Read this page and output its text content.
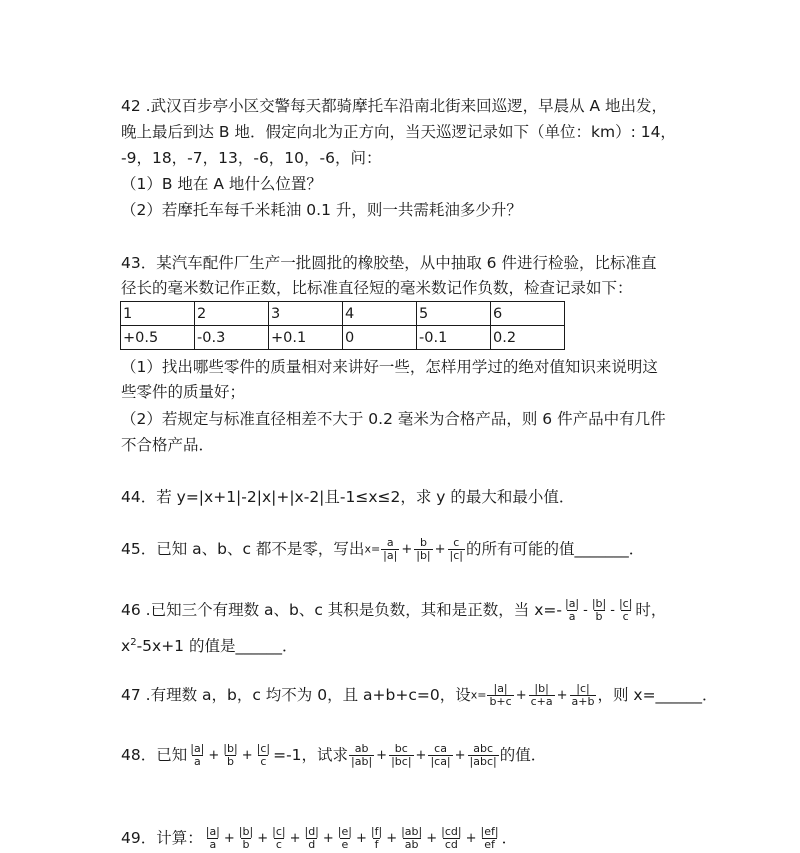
42 .武汉百步亭小区交警每天都骑摩托车沿南北街来回巡逻，早晨从 A 地出发，
晚上最后到达 B 地．假定向北为正方向，当天巡逻记录如下（单位：km）: 14，
-9，18，-7，13，-6，10，-6，问：
（1）B 地在 A 地什么位置？
（2）若摩托车每千米耗油 0.1 升，则一共需耗油多少升？
43．某汽车配件厂生产一批圆批的橡胶垫，从中抽取 6 件进行检验，比标准直
径长的毫米数记作正数，比标准直径短的毫米数记作负数，检查记录如下：
1	2	3	4	5	6
+0.5	-0.3	+0.1	0	-0.1	0.2
（1）找出哪些零件的质量相对来讲好一些，怎样用学过的绝对值知识来说明这
些零件的质量好；
（2）若规定与标准直径相差不大于 0.2 毫米为合格产品，则 6 件产品中有几件
不合格产品．
44．若 y=|x+1|-2|x|+|x-2|且-1≤x≤2，求 y 的最大和最小值．
45．已知 a、b、c 都不是零，写出$x= \frac{a}{|a|} + \frac{b}{|b|} + \frac{c}{|c|}$ 的所有可能的值_______．
46 .已知三个有理数 a、b、c 其积是负数，其和是正数，当 $x=- \frac{|a|}{a} - \frac{|b|}{b} - \frac{|c|}{c}$ 时，
$x^2-5x+1$ 的值是______．
47 .有理数 a，b，c 均不为 0，且 a+b+c=0，设$x= \frac{|a|}{b+c} + \frac{|b|}{c+a} + \frac{|c|}{a+b}$ ，则 x=______．
48．已知 $\frac{|a|}{a} + \frac{|b|}{b} + \frac{|c|}{c} =-1$，试求 $\frac{ab}{|ab|} + \frac{bc}{|bc|} + \frac{ca}{|ca|} + \frac{\text{abc}}{\text{|abc|}}$ 的值．
49．计算： $\frac{|a|}{a} + \frac{|b|}{b} + \frac{|c|}{c} + \frac{|d|}{d} + \frac{|e|}{e} + \frac{|f|}{f} + \frac{|ab|}{ab} + \frac{|cd|}{cd} + \frac{|ef|}{ef}$ ．
